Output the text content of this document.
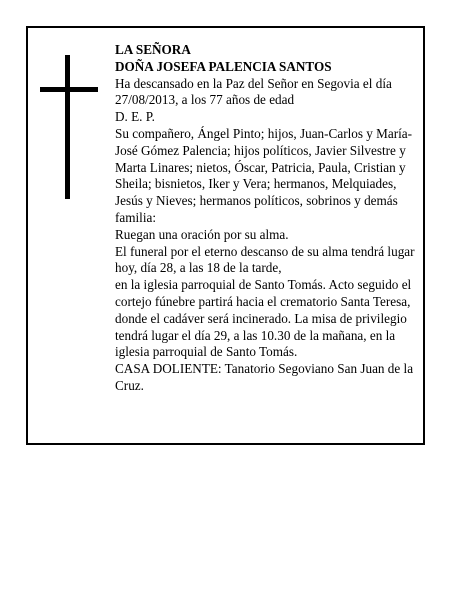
LA SEÑORA

DOÑA JOSEFA PALENCIA SANTOS

Ha descansado en la Paz del Señor en Segovia el día 27/08/2013, a los 77 años de edad

D. E. P.

Su compañero, Ángel Pinto; hijos, Juan-Carlos y María-José Gómez Palencia; hijos políticos, Javier Silvestre y Marta Linares; nietos, Óscar, Patricia, Paula, Cristian y Sheila; bisnietos, Iker y Vera; hermanos, Melquiades, Jesús y Nieves; hermanos políticos, sobrinos y demás familia:

Ruegan una oración por su alma.

El funeral por el eterno descanso de su alma tendrá lugar hoy, día 28, a las 18 de la tarde,

en la iglesia parroquial de Santo Tomás. Acto seguido el cortejo fúnebre partirá hacia el crematorio Santa Teresa, donde el cadáver será incinerado. La misa de privilegio tendrá lugar el día 29, a las 10.30 de la mañana, en la iglesia parroquial de Santo Tomás.

CASA DOLIENTE: Tanatorio Segoviano San Juan de la Cruz.
